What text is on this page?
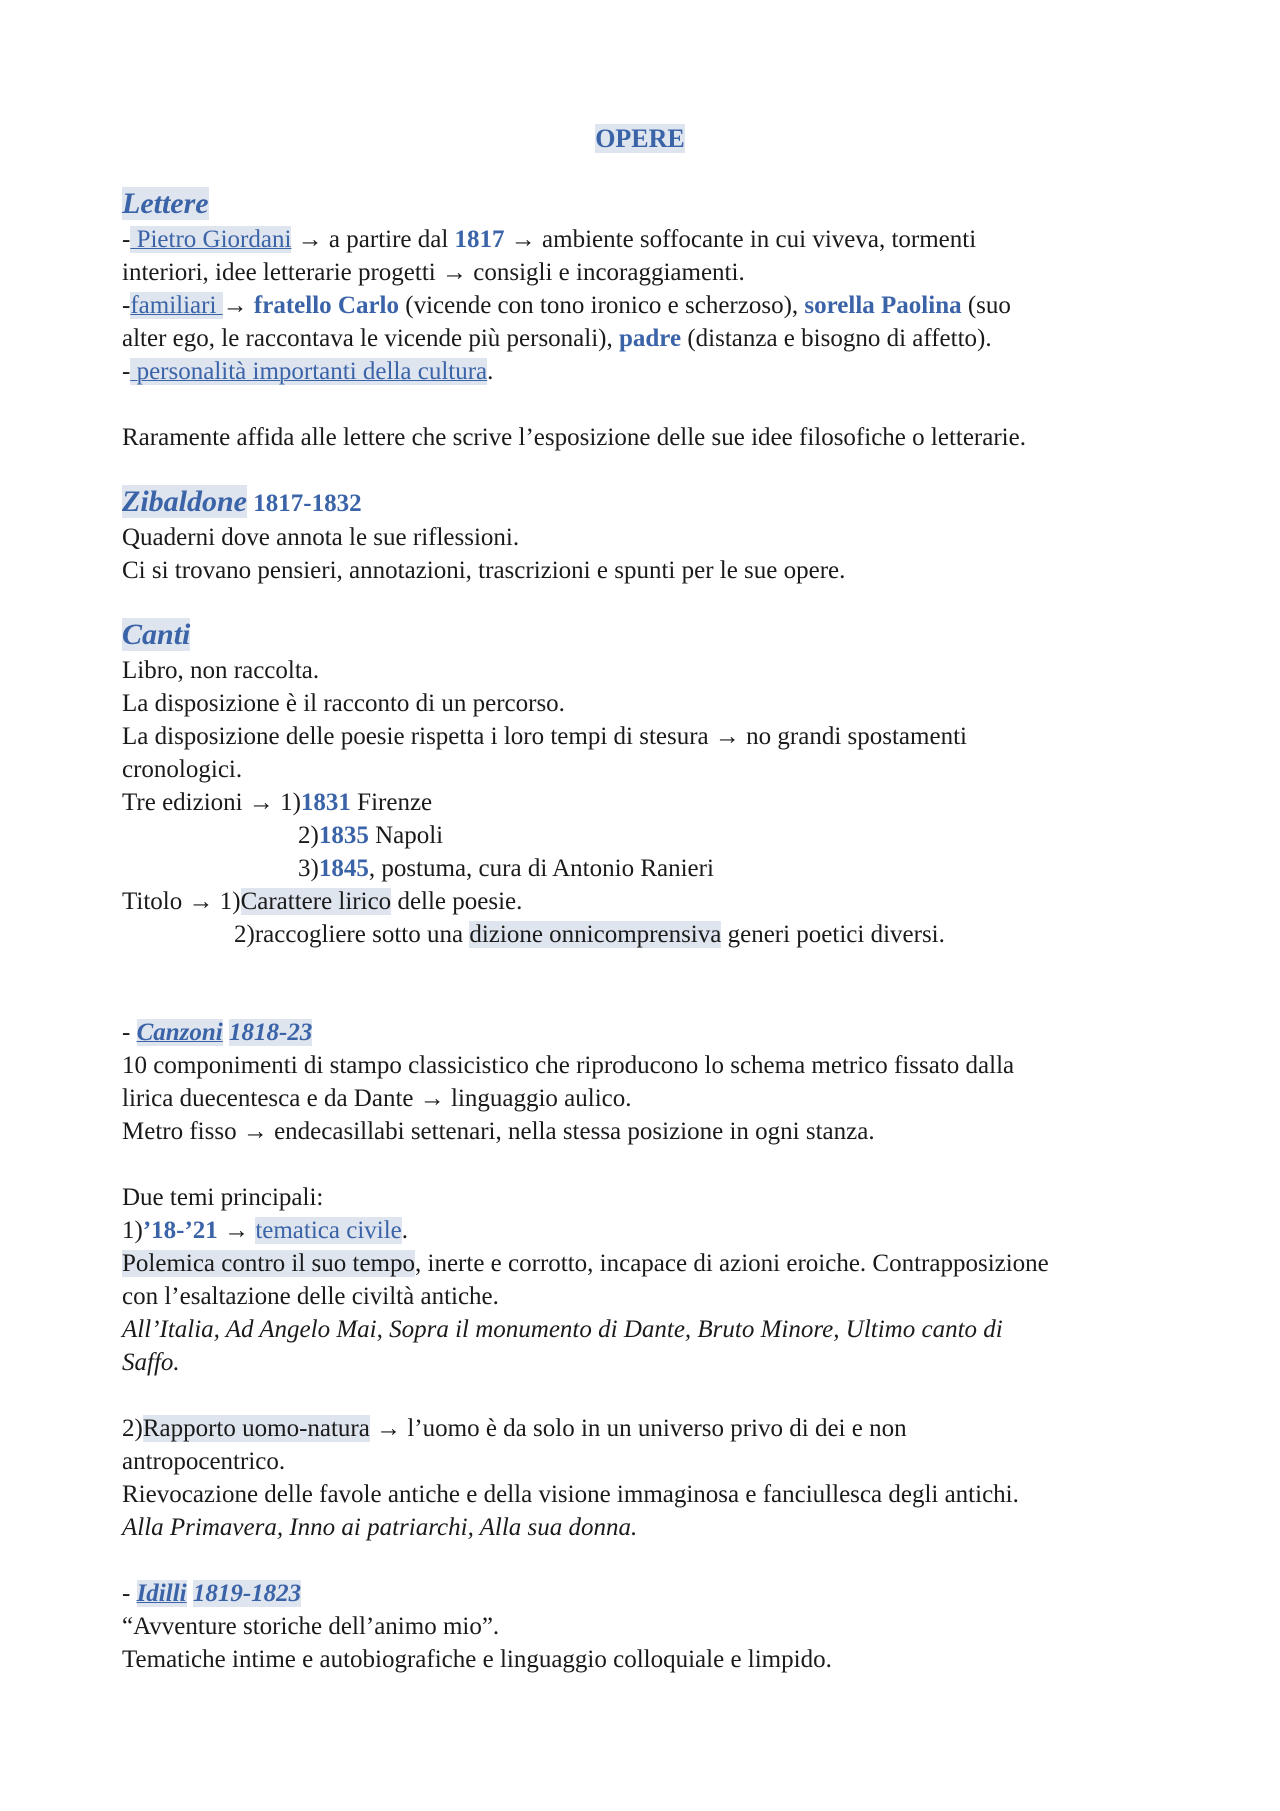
OPERE
Lettere
- Pietro Giordani → a partire dal 1817 → ambiente soffocante in cui viveva, tormenti
interiori, idee letterarie progetti → consigli e incoraggiamenti.
-familiari → fratello Carlo (vicende con tono ironico e scherzoso), sorella Paolina (suo
alter ego, le raccontava le vicende più personali), padre (distanza e bisogno di affetto).
- personalità importanti della cultura.
Raramente affida alle lettere che scrive l’esposizione delle sue idee filosofiche o letterarie.
Zibaldone 1817-1832
Quaderni dove annota le sue riflessioni.
Ci si trovano pensieri, annotazioni, trascrizioni e spunti per le sue opere.
Canti
Libro, non raccolta.
La disposizione è il racconto di un percorso.
La disposizione delle poesie rispetta i loro tempi di stesura → no grandi spostamenti
cronologici.
Tre edizioni → 1)1831 Firenze
2)1835 Napoli
3)1845, postuma, cura di Antonio Ranieri
Titolo → 1)Carattere lirico delle poesie.
2)raccogliere sotto una dizione onnicomprensiva generi poetici diversi.
- Canzoni 1818-23
10 componimenti di stampo classicistico che riproducono lo schema metrico fissato dalla
lirica duecentesca e da Dante → linguaggio aulico.
Metro fisso → endecasillabi settenari, nella stessa posizione in ogni stanza.
Due temi principali:
1)’18-’21 → tematica civile.
Polemica contro il suo tempo, inerte e corrotto, incapace di azioni eroiche. Contrapposizione
con l’esaltazione delle civiltà antiche.
All’Italia, Ad Angelo Mai, Sopra il monumento di Dante, Bruto Minore, Ultimo canto di
Saffo.
2)Rapporto uomo-natura → l’uomo è da solo in un universo privo di dei e non
antropocentrico.
Rievocazione delle favole antiche e della visione immaginosa e fanciullesca degli antichi.
Alla Primavera, Inno ai patriarchi, Alla sua donna.
- Idilli 1819-1823
“Avventure storiche dell’animo mio”.
Tematiche intime e autobiografiche e linguaggio colloquiale e limpido.
